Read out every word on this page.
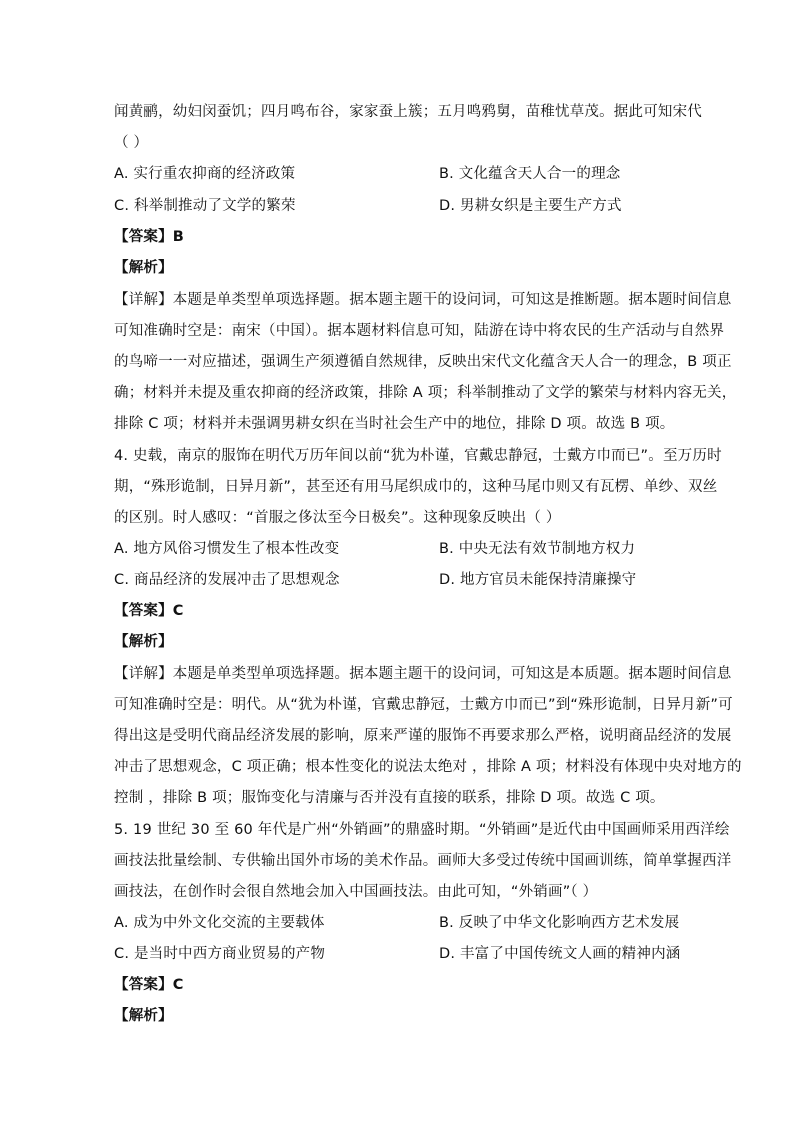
闻黄鹂，幼妇闵蚕饥；四月鸣布谷，家家蚕上簇；五月鸣鸦舅，苗稚忧草茂。据此可知宋代
（ ）
A. 实行重农抑商的经济政策	B. 文化蕴含天人合一的理念
C. 科举制推动了文学的繁荣	D. 男耕女织是主要生产方式
【答案】B
【解析】
【详解】本题是单类型单项选择题。据本题主题干的设问词，可知这是推断题。据本题时间信息
可知准确时空是：南宋（中国）。据本题材料信息可知，陆游在诗中将农民的生产活动与自然界
的鸟啼一一对应描述，强调生产须遵循自然规律，反映出宋代文化蕴含天人合一的理念，B 项正
确；材料并未提及重农抑商的经济政策，排除 A 项；科举制推动了文学的繁荣与材料内容无关，
排除 C 项；材料并未强调男耕女织在当时社会生产中的地位，排除 D 项。故选 B 项。
4. 史载，南京的服饰在明代万历年间以前“犹为朴谨，官戴忠静冠，士戴方巾而已”。至万历时
期，“殊形诡制，日异月新”，甚至还有用马尾织成巾的，这种马尾巾则又有瓦楞、单纱、双丝
的区别。时人感叹：“首服之侈汰至今日极矣”。这种现象反映出（ ）
A. 地方风俗习惯发生了根本性改变	B. 中央无法有效节制地方权力
C. 商品经济的发展冲击了思想观念	D. 地方官员未能保持清廉操守
【答案】C
【解析】
【详解】本题是单类型单项选择题。据本题主题干的设问词，可知这是本质题。据本题时间信息
可知准确时空是：明代。从“犹为朴谨，官戴忠静冠，士戴方巾而已”到“殊形诡制，日异月新”可
得出这是受明代商品经济发展的影响，原来严谨的服饰不再要求那么严格，说明商品经济的发展
冲击了思想观念，C 项正确；根本性变化的说法太绝对 ，排除 A 项；材料没有体现中央对地方的
控制 ，排除 B 项；服饰变化与清廉与否并没有直接的联系，排除 D 项。故选 C 项。
5. 19 世纪 30 至 60 年代是广州“外销画”的鼎盛时期。“外销画”是近代由中国画师采用西洋绘
画技法批量绘制、专供输出国外市场的美术作品。画师大多受过传统中国画训练，简单掌握西洋
画技法，在创作时会很自然地会加入中国画技法。由此可知，“外销画”（ ）
A. 成为中外文化交流的主要载体	B. 反映了中华文化影响西方艺术发展
C. 是当时中西方商业贸易的产物	D. 丰富了中国传统文人画的精神内涵
【答案】C
【解析】
